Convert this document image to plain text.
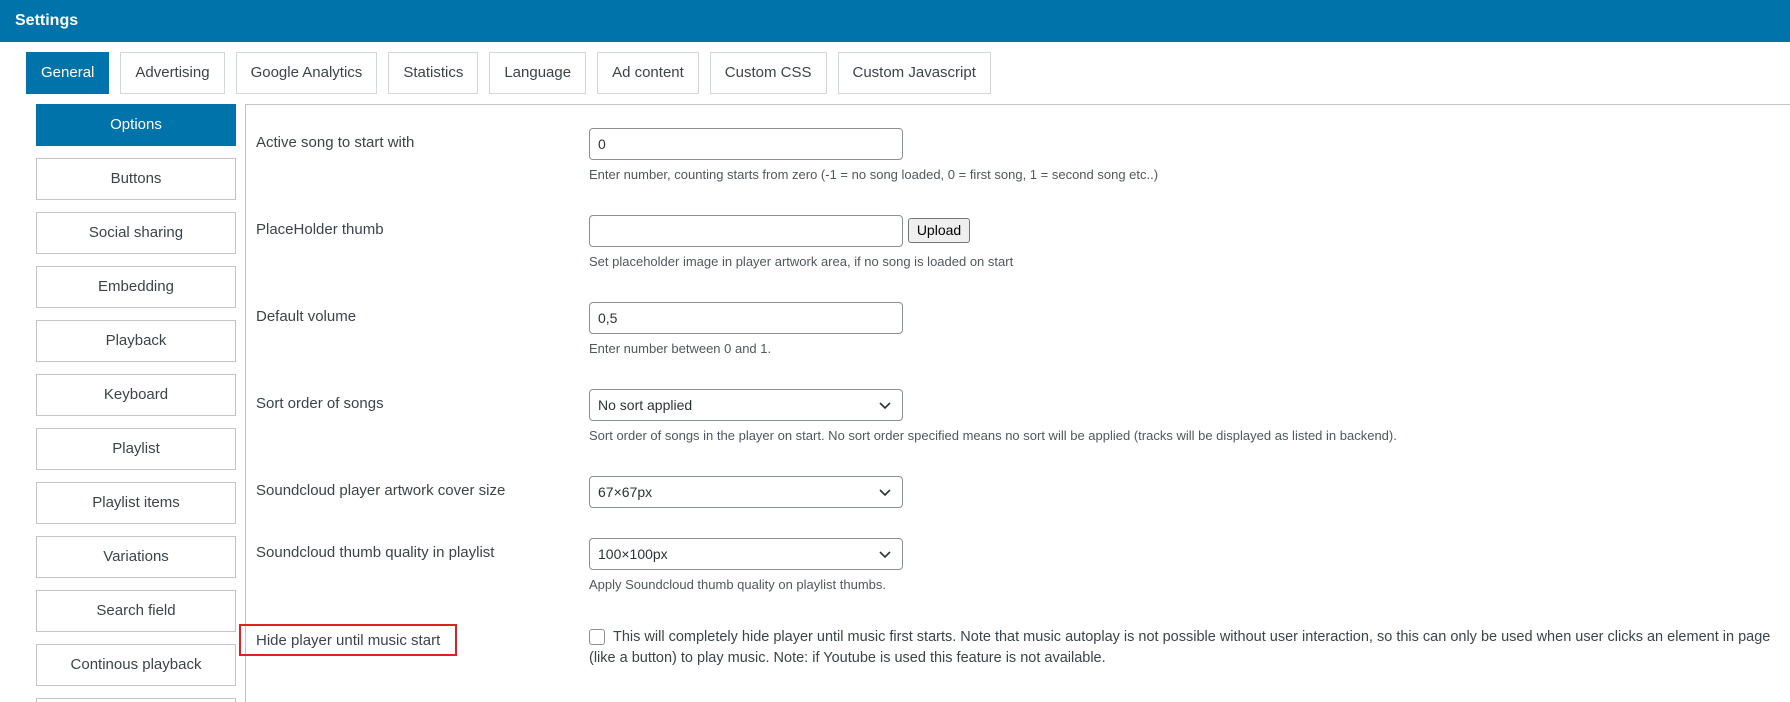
Settings
General	Advertising	Google Analytics	Statistics	Language	Ad content	Custom CSS	Custom Javascript
Options
Buttons
Social sharing
Embedding
Playback
Keyboard
Playlist
Playlist items
Variations
Search field
Continous playback
Active song to start with
0
Enter number, counting starts from zero (-1 = no song loaded, 0 = first song, 1 = second song etc..)
PlaceHolder thumb	Upload
Set placeholder image in player artwork area, if no song is loaded on start
Default volume
0,5
Enter number between 0 and 1.
Sort order of songs	No sort applied
Sort order of songs in the player on start. No sort order specified means no sort will be applied (tracks will be displayed as listed in backend).
Soundcloud player artwork cover size	67×67px
Soundcloud thumb quality in playlist	100×100px
Apply Soundcloud thumb quality on playlist thumbs.
Hide player until music start	This will completely hide player until music first starts. Note that music autoplay is not possible without user interaction, so this can only be used when user clicks an element in page (like a button) to play music. Note: if Youtube is used this feature is not available.
